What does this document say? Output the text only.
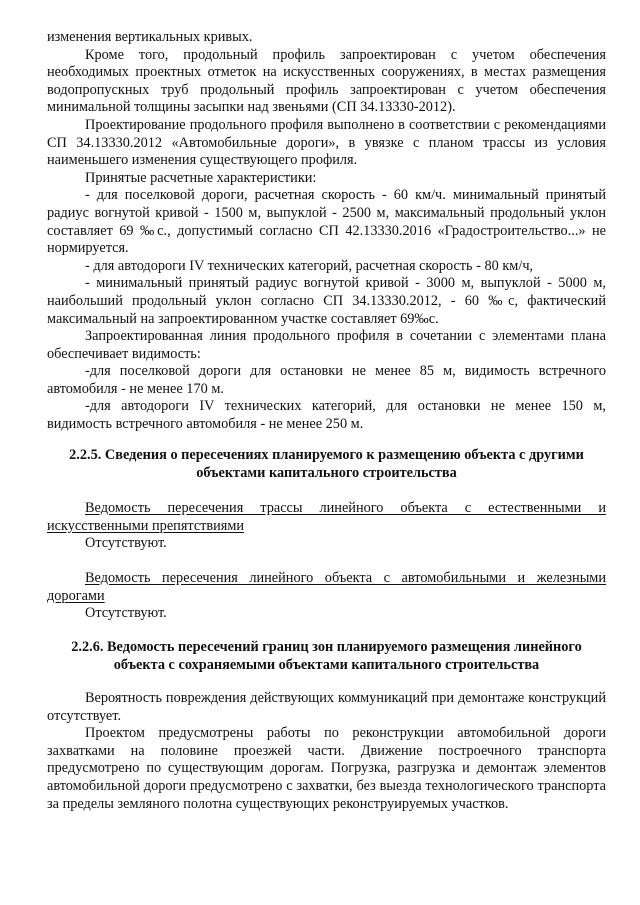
изменения вертикальных кривых.

Кроме того, продольный профиль запроектирован с учетом обеспечения необходимых проектных отметок на искусственных сооружениях, в местах размещения водопропускных труб продольный профиль запроектирован с учетом обеспечения минимальной толщины засыпки над звеньями (СП 34.13330-2012).

Проектирование продольного профиля выполнено в соответствии с рекомендациями СП 34.13330.2012 «Автомобильные дороги», в увязке с планом трассы из условия наименьшего изменения существующего профиля.

Принятые расчетные характеристики:

- для поселковой дороги, расчетная скорость - 60 км/ч. минимальный принятый радиус вогнутой кривой - 1500 м, выпуклой - 2500 м, максимальный продольный уклон составляет 69 ‰с., допустимый согласно СП 42.13330.2016 «Градостроительство...» не нормируется.

- для автодороги IV технических категорий, расчетная скорость - 80 км/ч,

- минимальный принятый радиус вогнутой кривой - 3000 м, выпуклой - 5000 м, наибольший продольный уклон согласно СП 34.13330.2012, - 60 ‰с, фактический максимальный на запроектированном участке составляет 69‰с.

Запроектированная линия продольного профиля в сочетании с элементами плана обеспечивает видимость:

-для поселковой дороги для остановки не менее 85 м, видимость встречного автомобиля - не менее 170 м.

-для автодороги IV технических категорий, для остановки не менее 150 м, видимость встречного автомобиля - не менее 250 м.

2.2.5. Сведения о пересечениях планируемого к размещению объекта с другими объектами капитального строительства

Ведомость пересечения трассы линейного объекта с естественными и искусственными препятствиями

Отсутствуют.

Ведомость пересечения линейного объекта с автомобильными и железными дорогами

Отсутствуют.

2.2.6. Ведомость пересечений границ зон планируемого размещения линейного объекта с сохраняемыми объектами капитального строительства

Вероятность повреждения действующих коммуникаций при демонтаже конструкций отсутствует.

Проектом предусмотрены работы по реконструкции автомобильной дороги захватками на половине проезжей части. Движение построечного транспорта предусмотрено по существующим дорогам. Погрузка, разгрузка и демонтаж элементов автомобильной дороги предусмотрено с захватки, без выезда технологического транспорта за пределы земляного полотна существующих реконструируемых участков.
